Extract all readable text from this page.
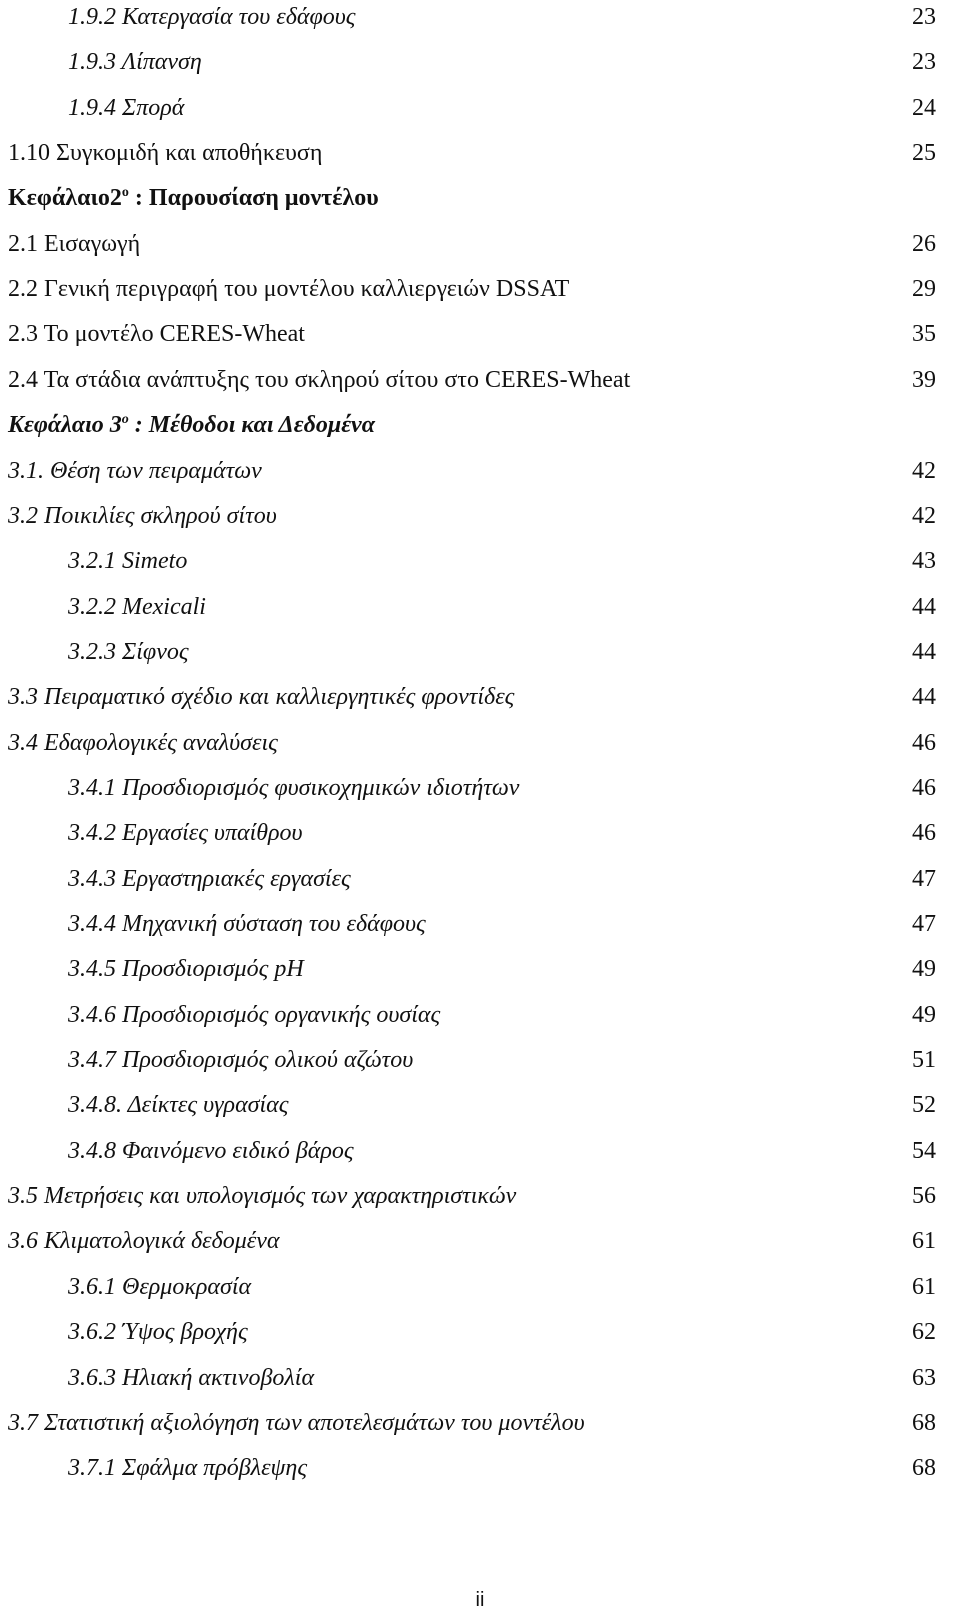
1.9.2 Κατεργασία του εδάφους	23
1.9.3 Λίπανση	23
1.9.4 Σπορά	24
1.10 Συγκομιδή και αποθήκευση	25
$K\varepsilon\varphi ά\lambda\alpha\iota o2^o$ : Παρουσίαση μοντέλου
2.1 Εισαγωγή	26
2.2 Γενική περιγραφή του μοντέλου καλλιεργειών DSSAT	29
2.3 Το μοντέλο CERES-Wheat	35
2.4 Τα στάδια ανάπτυξης του σκληρού σίτου στο CERES-Wheat	39
Κεφάλαιο $3^o$ : Μέθοδοι και Δεδομένα
3.1. Θέση των πειραμάτων	42
3.2 Ποικιλίες σκληρού σίτου	42
3.2.1 Simeto	43
3.2.2 Mexicali	44
3.2.3 Σίφνος	44
3.3 Πειραματικό σχέδιο και καλλιεργητικές φροντίδες	44
3.4 Εδαφολογικές αναλύσεις	46
3.4.1 Προσδιορισμός φυσικοχημικών ιδιοτήτων	46
3.4.2 Εργασίες υπαίθρου	46
3.4.3 Εργαστηριακές εργασίες	47
3.4.4 Μηχανική σύσταση του εδάφους	47
3.4.5 Προσδιορισμός pH	49
3.4.6 Προσδιορισμός οργανικής ουσίας	49
3.4.7 Προσδιορισμός ολικού αζώτου	51
3.4.8. Δείκτες υγρασίας	52
3.4.8 Φαινόμενο ειδικό βάρος	54
3.5 Μετρήσεις και υπολογισμός των χαρακτηριστικών	56
3.6 Κλιματολογικά δεδομένα	61
3.6.1 Θερμοκρασία	61
3.6.2 Ύψος βροχής	62
3.6.3 Ηλιακή ακτινοβολία	63
3.7 Στατιστική αξιολόγηση των αποτελεσμάτων του μοντέλου	68
3.7.1 Σφάλμα πρόβλεψης	68
ii
